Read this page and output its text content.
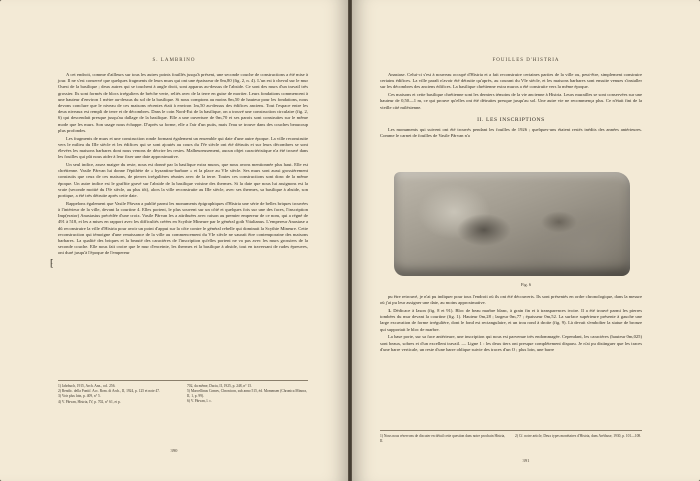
S. LAMBRINO

A cet endroit, comme d'ailleurs sur tous les autres points fouillés jusqu'à présent, une seconde couche de constructions a été mise à jour. Il ne s'est conservé que quelques fragments de leurs murs qui ont une épaisseur de 0m,80 (fig. 2, n. 4). L'un est à cheval sur le mur Ouest de la basilique ; deux autres qui se touchent à angle droit, sont apparus au-dessus de l'abside. Ce sont des murs d'un travail très grossier. Ils sont formés de blocs irréguliers de brèche verte, reliés avec de la terre en guise de mortier. Leurs fondations commencent à une hauteur d'environ 1 mètre au-dessus du sol de la basilique. Si nous comptons au moins 0m,50 de hauteur pour les fondations, nous devons conclure que le niveau de ces maisons récentes était à environ 1m,50 au-dessus des édifices anciens. Tout l'espace entre les deux niveaux est rempli de terre et de décombres. Dans le coin Nord-Est de la basilique, on a trouvé une construction circulaire (fig. 2, 6) qui descendait presque jusqu'au dallage de la basilique. Elle a une ouverture de 0m,70 et ses parois sont construites sur le même mode que les murs. Son usage nous échappe. D'après sa forme, elle a l'air d'un puits, mais l'eau se trouve dans des couches beaucoup plus profondes.

Les fragments de murs et une construction ronde formant également un ensemble qui date d'une autre époque. La ville reconstruite vers le milieu du IIIe siècle et les édifices qui se sont ajoutés au cours du IVe siècle ont été détruits et sur leurs décombres se sont élevées les maisons barbares dont nous venons de décrire les restes. Malheureusement, aucun objet caractéristique n'a été trouvé dans les fouilles qui pût nous aider à leur fixer une date approximative.

Un seul indice, assez maigre du reste, nous est donné par la basilique extra muros, que nous avons mentionnée plus haut. Elle est chrétienne. Vasile Pârvan lui donne l'épithète de « byzantino-barbare » et la place au VIe siècle. Ses murs sont aussi grossièrement construits que ceux de ces maisons, de pierres irrégulières réunies avec de la terre. Toutes ces constructions sont donc de la même époque. Un autre indice est le graffite gravé sur l'abside de la basilique voisine des thermes. Si la date que nous lui assignons est la vraie (seconde moitié du IVe siècle, au plus tôt), alors la ville reconstruite au IIIe siècle, avec ses thermes, sa basilique à abside, son portique, a été très détruite après cette date.

Rappelons également que Vasile Pârvan a publié parmi les monuments épigraphiques d'Histria une série de belles briques trouvées à l'intérieur de la ville, devant la courtine 4. Elles portent, le plus souvent sur un côté et quelques fois sur une des faces, l'inscription Imp(erator) Anastasius précédée d'une croix. Vasile Pârvan les a attribuées avec raison au premier empereur de ce nom, qui a régné de 491 à 518, et les a mises en rapport avec les difficultés créées en Scythie Mineure par le général goth Vitalianus. L'empereur Anastase a dû reconstruire la ville d'Histria pour avoir un point d'appui sur la côte contre le général rebelle qui dominait la Scythie Mineure. Cette reconstruction qui témoigne d'une renaissance de la ville au commencement du VIe siècle ne saurait être contemporaine des maisons barbares. La qualité des briques et la beauté des caractères de l'inscription qu'elles portent ne va pas avec les murs grossiers de la seconde couche. Elle nous fait croire que le mur d'enceinte, les thermes et la basilique à abside, tout en traversant de rudes épreuves, ont duré jusqu'à l'époque de l'empereur

⁅
1) Jahrbuch, 1915, Arch. Anz., col. 256.
2) Rendic. della Pontif. Acc. Rom. di Arch., II, 1924, p. 125 et note 47.
3) Voir plus loin, p. 409, n° 5.
4) V. Pârvan, Histria, IV, p. 702, n° 61, et p.
702, du même, Dacia, II, 1925, p. 248, n° 15.
5) Marcellinus Comes, Chronicon, sub anno 515, éd. Mommsen (Chronica Minora, II, 1, p. 99).
6) V. Pârvan, l. c.
390
FOUILLES D'HISTRIA

Anastase. Celui-ci s'est à nouveau occupé d'Histria et a fait reconstruire certaines parties de la ville ou, peut-être, simplement construire certains édifices. La ville paraît n'avoir été détruite qu'après, au courant du VIe siècle, et les maisons barbares sont ensuite venues s'installer sur les décombres des anciens édifices. La basilique chrétienne extra muros a été construite vers la même époque.

Ces maisons et cette basilique chrétienne sont les derniers témoins de la vie ancienne à Histria. Leurs murailles se sont conservées sur une hauteur de 0,50—1 m, ce qui prouve qu'elles ont été détruites presque jusqu'au sol. Une autre vie ne recommença plus. Ce n'était fini de la vieille cité milésienne.

II. LES INSCRIPTIONS

Les monuments qui suivent ont été trouvés pendant les fouilles de 1926 ; quelques-uns étaient restés inédits des années antérieures. Comme le carnet de fouilles de Vasile Pârvan n'a

Fig. 6

pu être retrouvé, je n'ai pu indiquer pour tous l'endroit où ils ont été découverts. Ils sont présentés en ordre chronologique, dans la mesure où j'ai pu leur assigner une date, au moins approximative.

1. Dédicace à Iason (fig. 8 et 91). Bloc de beau marbre blanc, à grain fin et à transparences ivoire. Il a été trouvé parmi les pierres tombées du mur devant la courtine (fig. 1). Hauteur 0m,28 ; largeur 0m,77 ; épaisseur 0m,52. La surface supérieure présente à gauche une large excavation de forme irrégulière, dont le fond est rectangulaire, et un trou rond à droite (fig. 9). Là devait s'emboîter la statue de bronze qui supportait le bloc de marbre.

La base porte, sur sa face antérieure, une inscription qui nous est parvenue très endommagée. Cependant, les caractères (hauteur 0m,025) sont beaux, sobres et d'un excellent travail. — Ligne 1 : les deux tiers ont presque complètement disparu. Je n'ai pu distinguer que les traces d'une barre verticale, un reste d'une barre oblique suivie des traces d'un O ; plus loin, une barre

1) Nous nous réservons de discuter en détail cette question dans notre prochain Histria, II.
2) Cf. notre article, Deux types monétaires d'Histria, dans Aréthuse, 1930, p. 101—108.
391
